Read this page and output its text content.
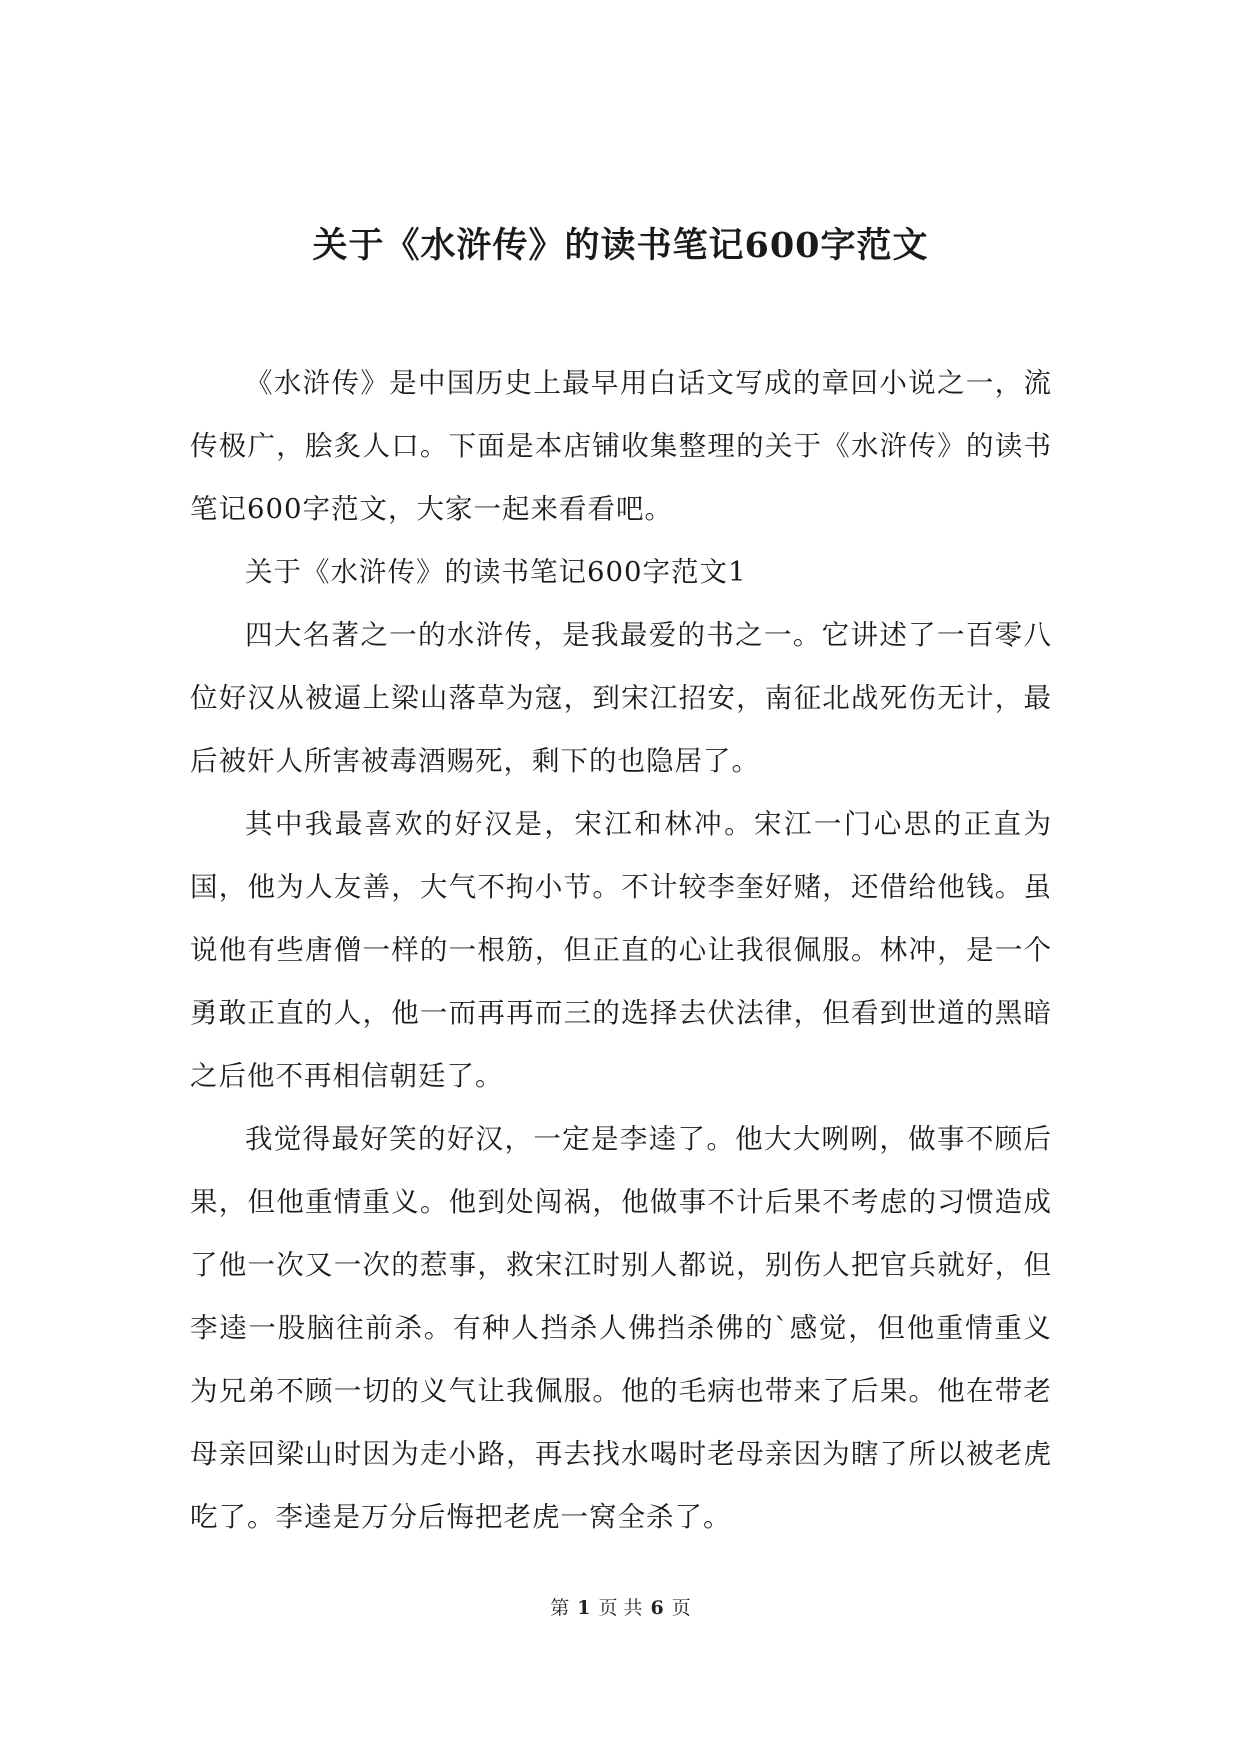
关于《水浒传》的读书笔记600字范文

《水浒传》是中国历史上最早用白话文写成的章回小说之一，流传极广，脍炙人口。下面是本店铺收集整理的关于《水浒传》的读书笔记600字范文，大家一起来看看吧。

关于《水浒传》的读书笔记600字范文1

四大名著之一的水浒传，是我最爱的书之一。它讲述了一百零八位好汉从被逼上梁山落草为寇，到宋江招安，南征北战死伤无计，最后被奸人所害被毒酒赐死，剩下的也隐居了。

其中我最喜欢的好汉是，宋江和林冲。宋江一门心思的正直为国，他为人友善，大气不拘小节。不计较李奎好赌，还借给他钱。虽说他有些唐僧一样的一根筋，但正直的心让我很佩服。林冲，是一个勇敢正直的人，他一而再再而三的选择去伏法律，但看到世道的黑暗之后他不再相信朝廷了。

我觉得最好笑的好汉，一定是李逵了。他大大咧咧，做事不顾后果，但他重情重义。他到处闯祸，他做事不计后果不考虑的习惯造成了他一次又一次的惹事，救宋江时别人都说，别伤人把官兵就好，但李逵一股脑往前杀。有种人挡杀人佛挡杀佛的`感觉，但他重情重义为兄弟不顾一切的义气让我佩服。他的毛病也带来了后果。他在带老母亲回梁山时因为走小路，再去找水喝时老母亲因为瞎了所以被老虎吃了。李逵是万分后悔把老虎一窝全杀了。

第 1 页 共 6 页
